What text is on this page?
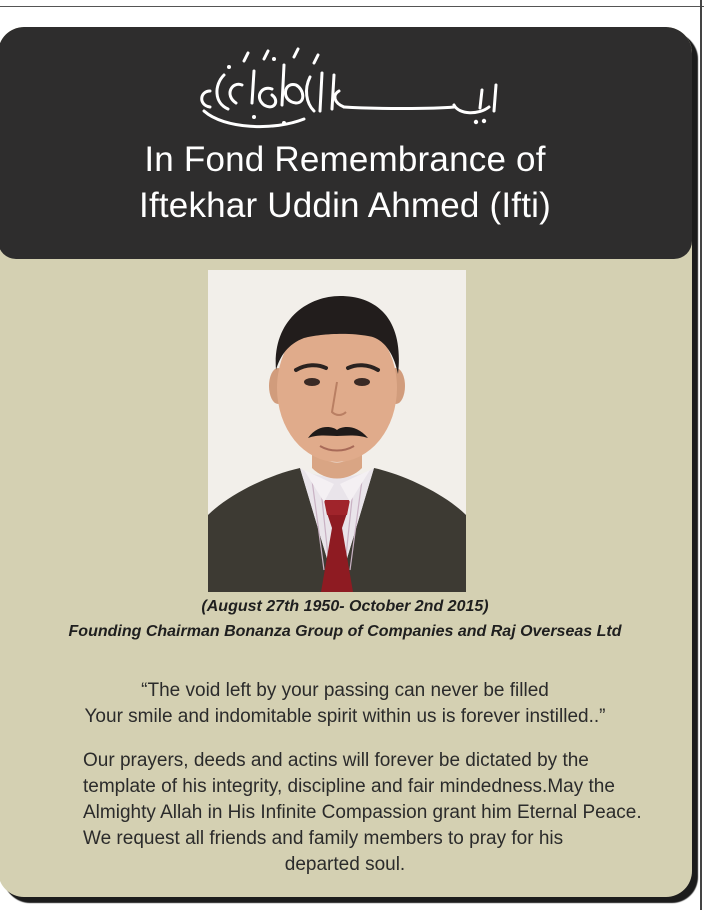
In Fond Remembrance of
Iftekhar Uddin Ahmed (Ifti)
(August 27th 1950- October 2nd 2015)
Founding Chairman Bonanza Group of Companies and Raj Overseas Ltd
“The void left by your passing can never be filled
Your smile and indomitable spirit within us is forever instilled..”
Our prayers, deeds and actins will forever be dictated by the
template of his integrity, discipline and fair mindedness.May the
Almighty Allah in His Infinite Compassion grant him Eternal Peace.
We request all friends and family members to pray for his
departed soul.
